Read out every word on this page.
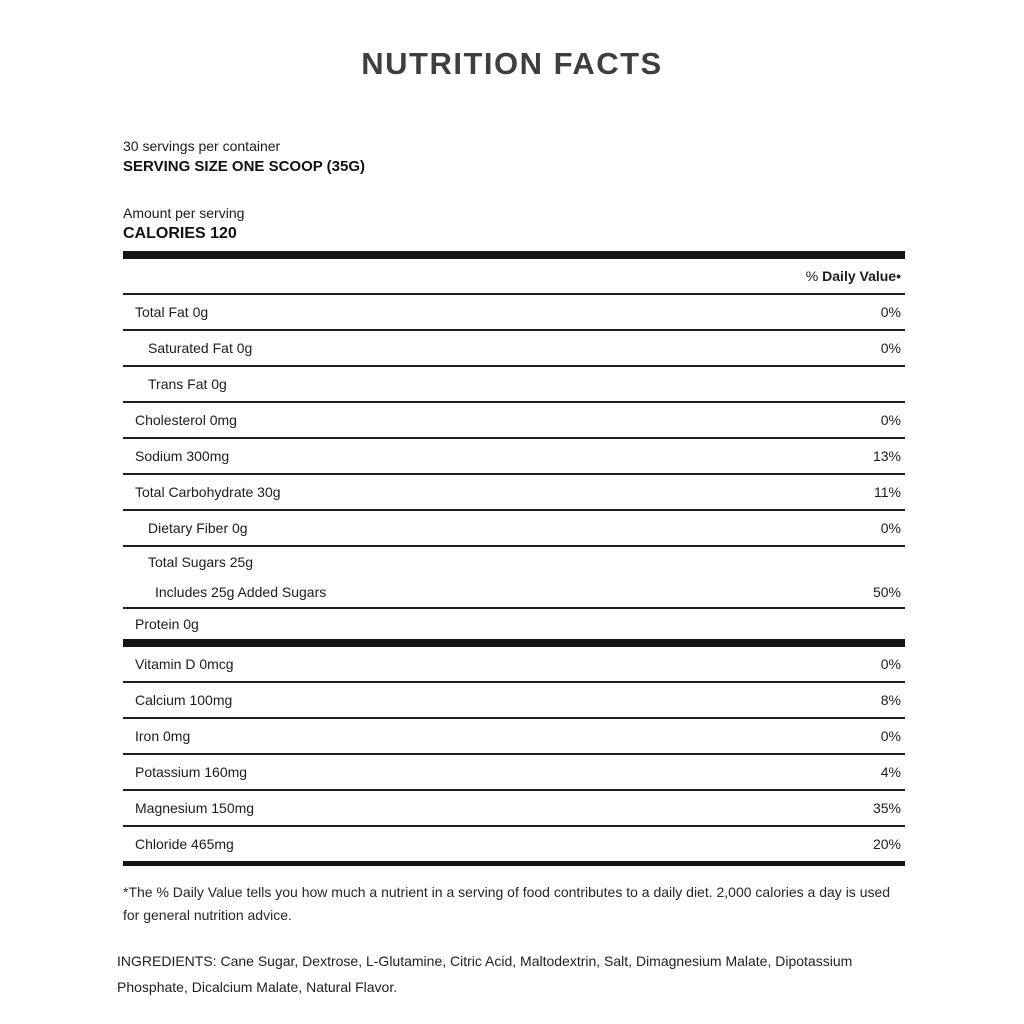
NUTRITION FACTS
30 servings per container
SERVING SIZE ONE SCOOP (35G)
Amount per serving
CALORIES 120
% Daily Value•
Total Fat 0g	0%
Saturated Fat 0g	0%
Trans Fat 0g
Cholesterol 0mg	0%
Sodium 300mg	13%
Total Carbohydrate 30g	11%
Dietary Fiber 0g	0%
Total Sugars 25g
Includes 25g Added Sugars	50%
Protein 0g
Vitamin D 0mcg	0%
Calcium 100mg	8%
Iron 0mg	0%
Potassium 160mg	4%
Magnesium 150mg	35%
Chloride 465mg	20%
*The % Daily Value tells you how much a nutrient in a serving of food contributes to a daily diet. 2,000 calories a day is used for general nutrition advice.
INGREDIENTS: Cane Sugar, Dextrose, L-Glutamine, Citric Acid, Maltodextrin, Salt, Dimagnesium Malate, Dipotassium Phosphate, Dicalcium Malate, Natural Flavor.
